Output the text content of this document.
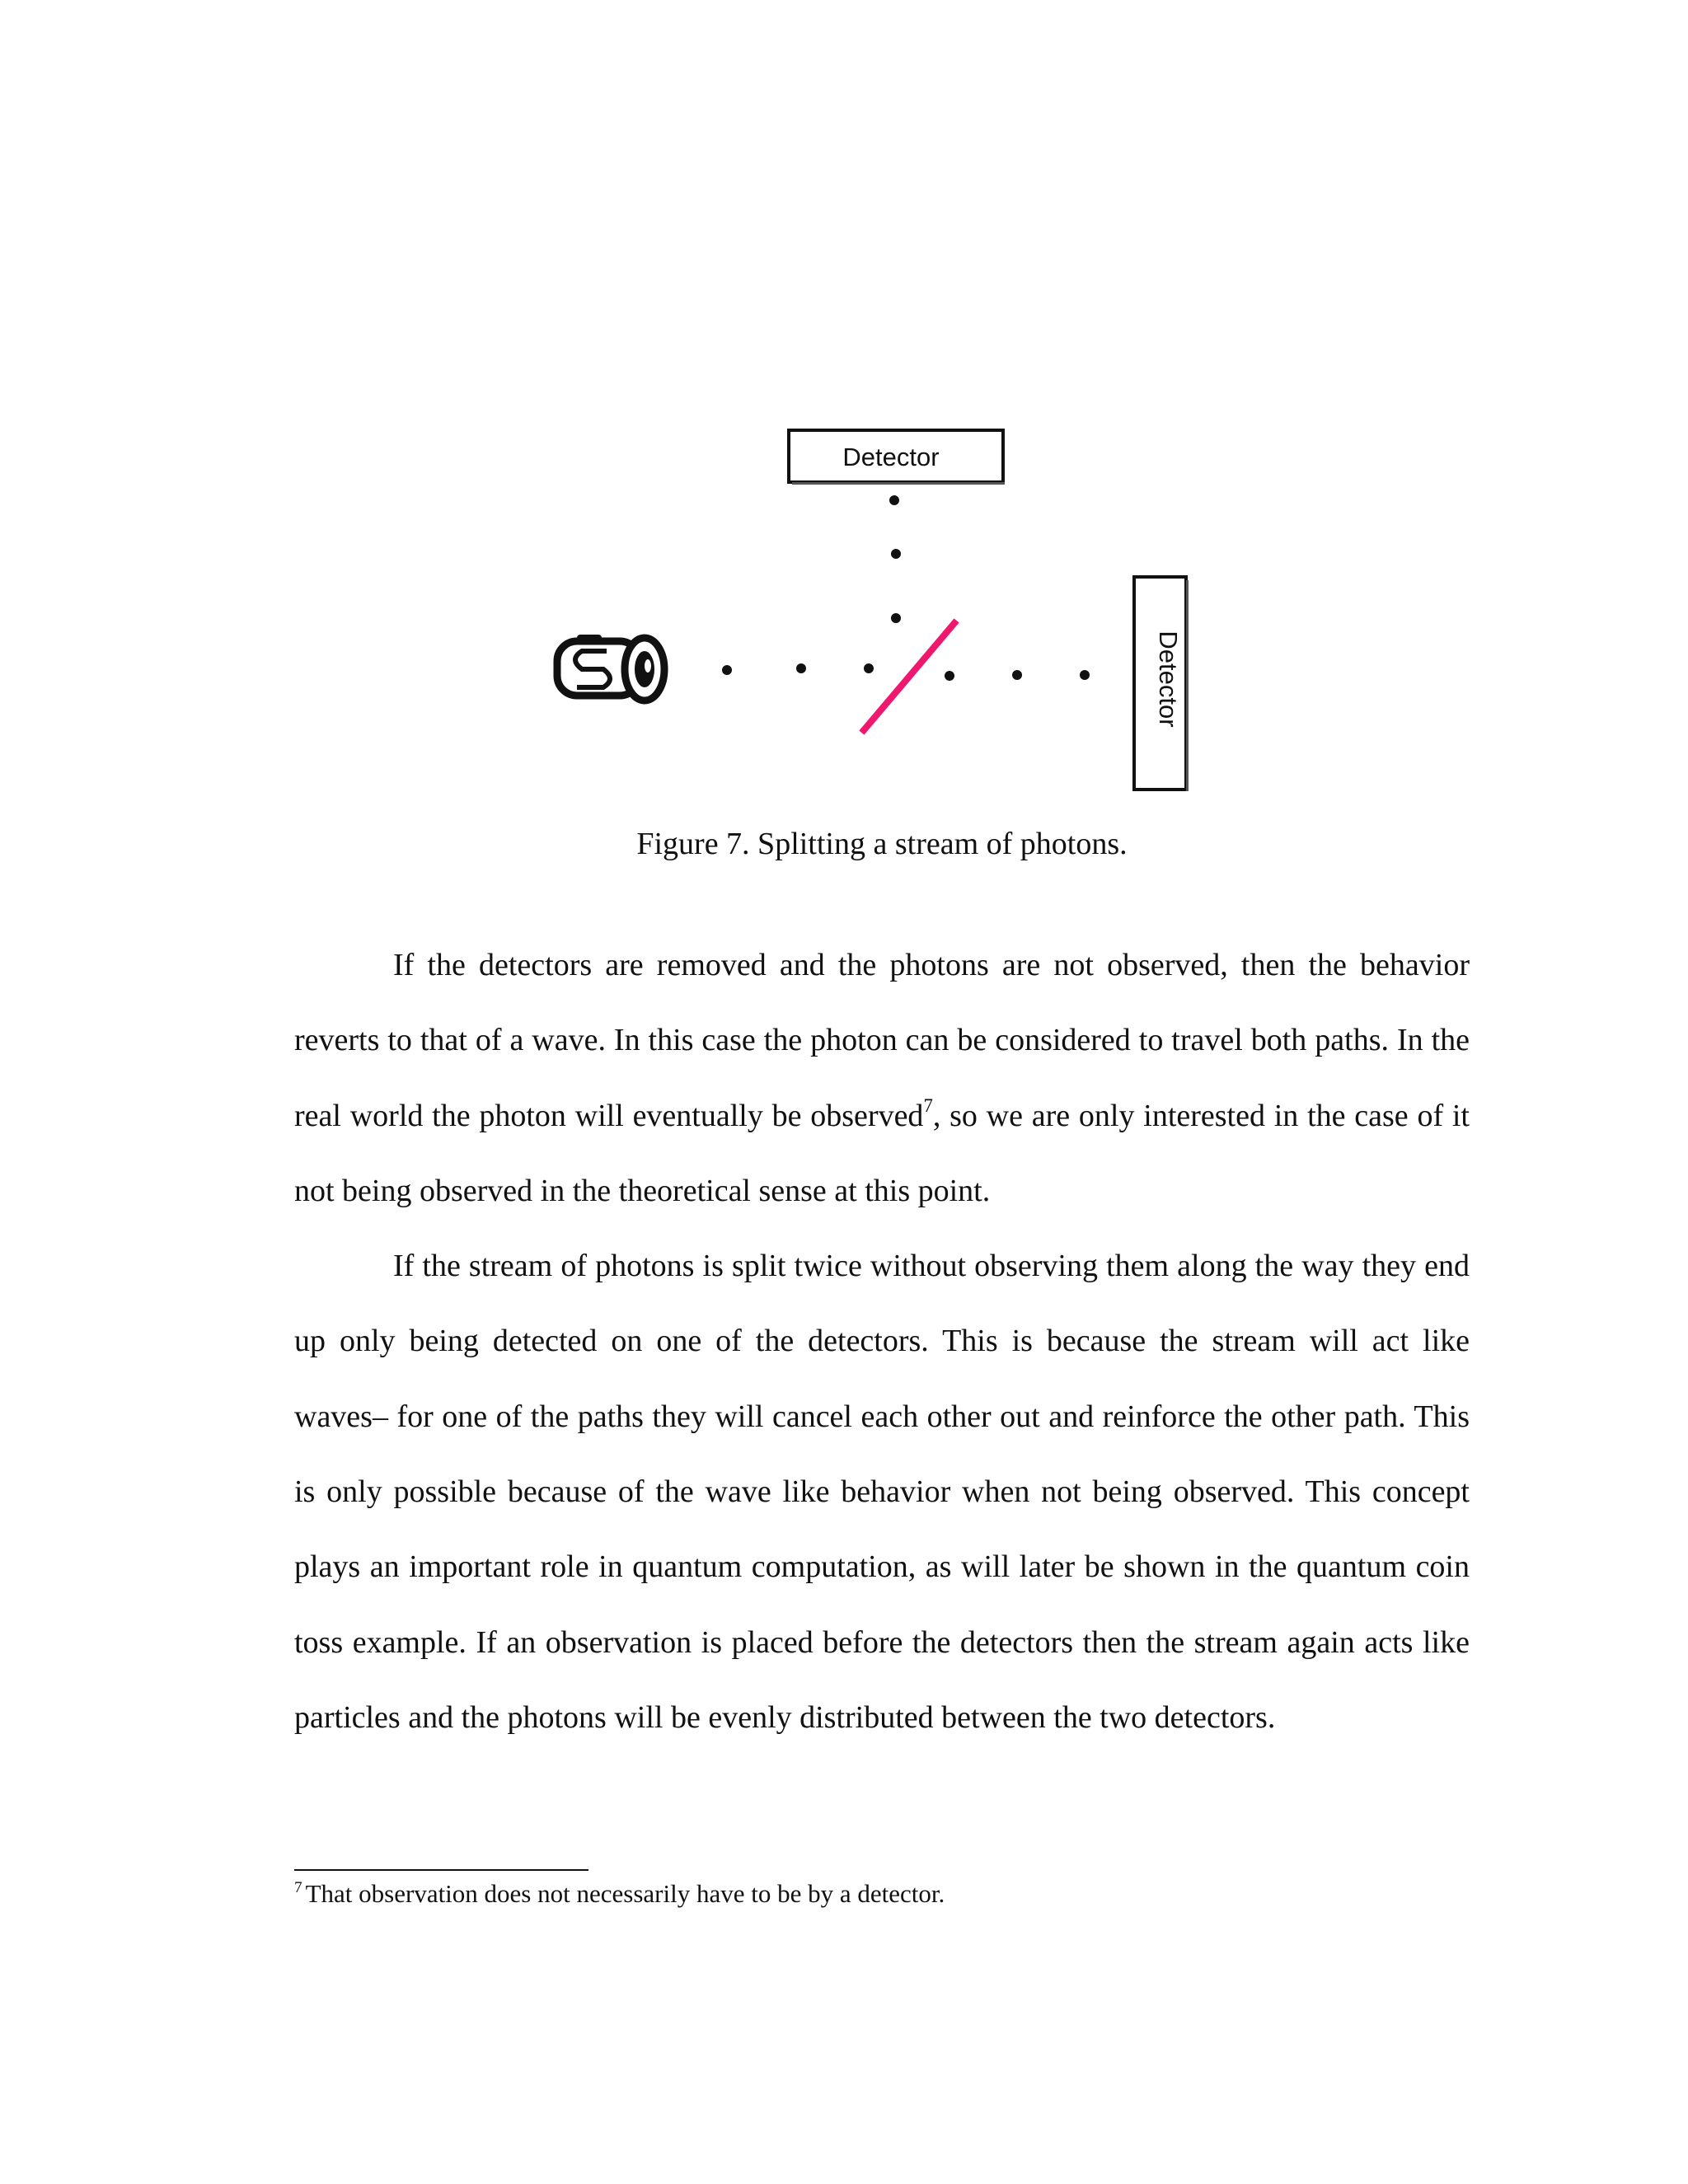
Detector
Detector
Figure 7. Splitting a stream of photons.

If the detectors are removed and the photons are not observed, then the behavior reverts to that of a wave. In this case the photon can be considered to travel both paths. In the real world the photon will eventually be observed$^7$, so we are only interested in the case of it not being observed in the theoretical sense at this point.

If the stream of photons is split twice without observing them along the way they end up only being detected on one of the detectors. This is because the stream will act like waves– for one of the paths they will cancel each other out and reinforce the other path. This is only possible because of the wave like behavior when not being observed. This concept plays an important role in quantum computation, as will later be shown in the quantum coin toss example. If an observation is placed before the detectors then the stream again acts like particles and the photons will be evenly distributed between the two detectors.

$^7$ That observation does not necessarily have to be by a detector.
